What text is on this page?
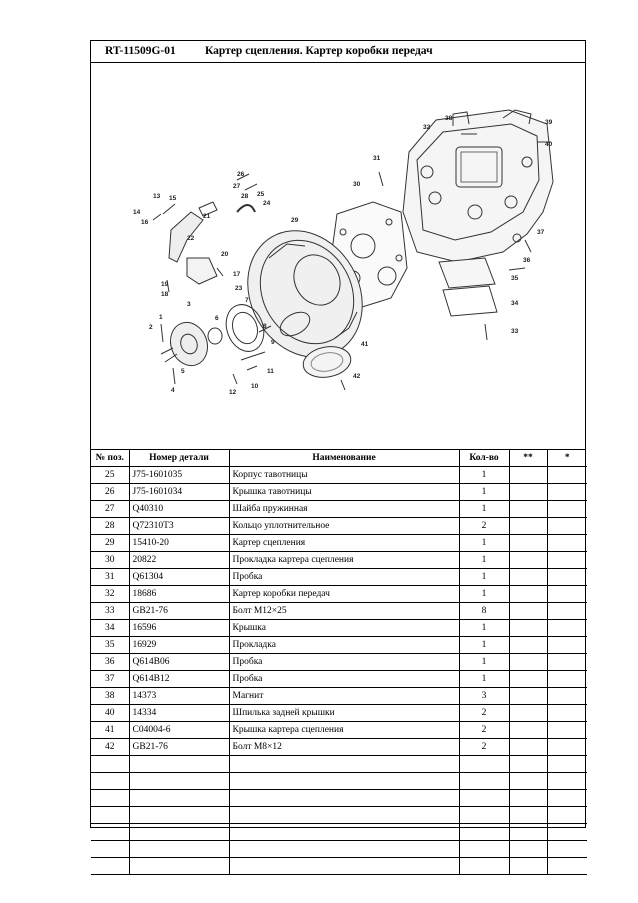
RT-11509G-01	Картер сцепления. Картер коробки передач
1
2
3
4
5
6
7
8
9
10
11
12
13
14
15
16
17
18
19
20
21
22
23
24
25
26
27
28
29
30
31
32
33
34
35
36
37
38
39
40
41
42
№ поз.	Номер детали	Наименование	Кол-во	**	*
25	J75-1601035	Корпус тавотницы	1		
26	J75-1601034	Крышка тавотницы	1		
27	Q40310	Шайба пружинная	1		
28	Q72310T3	Кольцо уплотнительное	2		
29	15410-20	Картер сцепления	1		
30	20822	Прокладка картера сцепления	1		
31	Q61304	Пробка	1		
32	18686	Картер коробки передач	1		
33	GB21-76	Болт М12×25	8		
34	16596	Крышка	1		
35	16929	Прокладка	1		
36	Q614B06	Пробка	1		
37	Q614B12	Пробка	1		
38	14373	Магнит	3		
40	14334	Шпилька задней крышки	2		
41	C04004-6	Крышка картера сцепления	2		
42	GB21-76	Болт М8×12	2		
